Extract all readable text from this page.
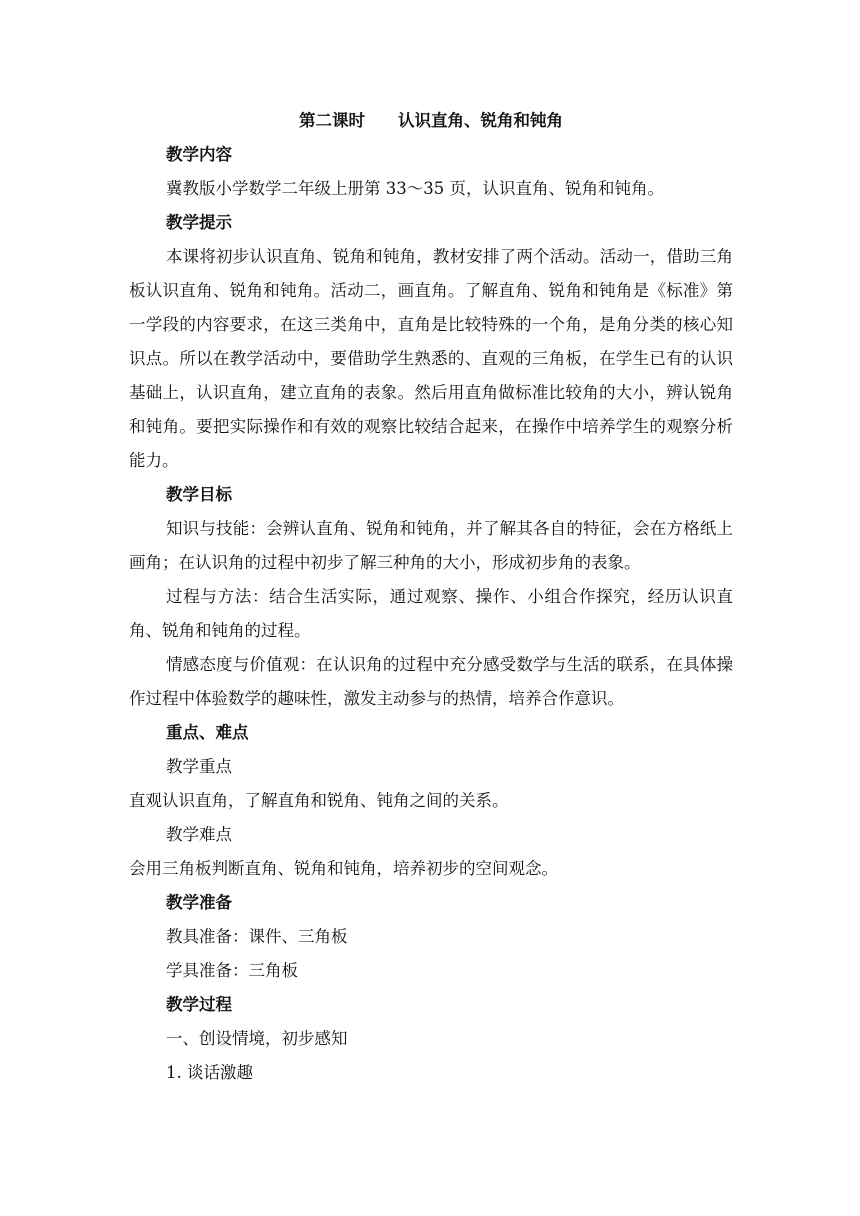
第二课时　　认识直角、锐角和钝角
教学内容
冀教版小学数学二年级上册第 33～35 页，认识直角、锐角和钝角。
教学提示
本课将初步认识直角、锐角和钝角，教材安排了两个活动。活动一，借助三角板认识直角、锐角和钝角。活动二，画直角。了解直角、锐角和钝角是《标准》第一学段的内容要求，在这三类角中，直角是比较特殊的一个角，是角分类的核心知识点。所以在教学活动中，要借助学生熟悉的、直观的三角板，在学生已有的认识基础上，认识直角，建立直角的表象。然后用直角做标准比较角的大小，辨认锐角和钝角。要把实际操作和有效的观察比较结合起来，在操作中培养学生的观察分析能力。
教学目标
知识与技能：会辨认直角、锐角和钝角，并了解其各自的特征，会在方格纸上画角；在认识角的过程中初步了解三种角的大小，形成初步角的表象。
过程与方法：结合生活实际，通过观察、操作、小组合作探究，经历认识直角、锐角和钝角的过程。
情感态度与价值观：在认识角的过程中充分感受数学与生活的联系，在具体操作过程中体验数学的趣味性，激发主动参与的热情，培养合作意识。
重点、难点
教学重点
直观认识直角，了解直角和锐角、钝角之间的关系。
教学难点
会用三角板判断直角、锐角和钝角，培养初步的空间观念。
教学准备
教具准备：课件、三角板
学具准备：三角板
教学过程
一、创设情境，初步感知
1. 谈话激趣
